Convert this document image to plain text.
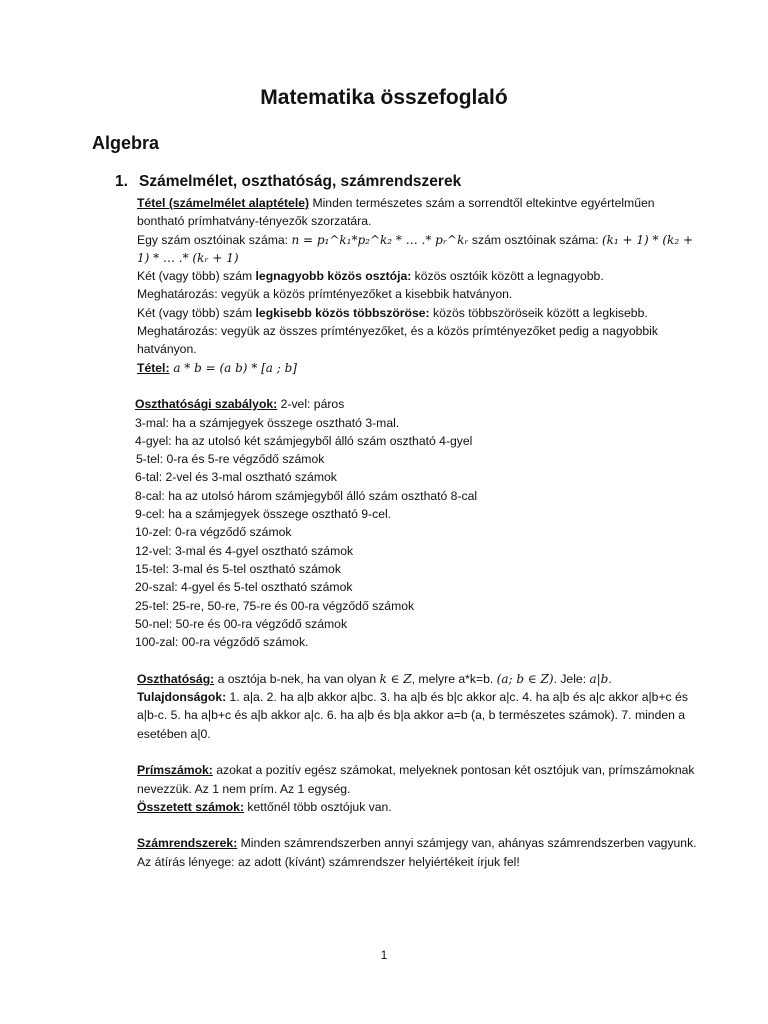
Matematika összefoglaló
Algebra
1. Számelmélet, oszthatóság, számrendszerek

Tétel (számelmélet alaptétele) Minden természetes szám a sorrendtől eltekintve egyértelműen bontható prímhatvány-tényezők szorzatára.

Egy szám osztóinak száma: n = p₁^k₁*p₂^k₂ * … .* pᵣ^kᵣ szám osztóinak száma: (k₁ + 1) * (k₂ + 1) * … .* (kᵣ + 1)

Két (vagy több) szám legnagyobb közös osztója: közös osztóik között a legnagyobb.

Meghatározás: vegyük a közös prímtényezőket a kisebbik hatványon.

Két (vagy több) szám legkisebb közös többszöröse: közös többszöröseik között a legkisebb.

Meghatározás: vegyük az összes prímtényezőket, és a közös prímtényezőket pedig a nagyobbik hatványon.

Tétel: a * b = (a b) * [a ; b]

Oszthatósági szabályok: 2-vel: páros

3-mal: ha a számjegyek összege osztható 3-mal.

4-gyel: ha az utolsó két számjegyből álló szám osztható 4-gyel

5-tel: 0-ra és 5-re végződő számok

6-tal: 2-vel és 3-mal osztható számok

8-cal: ha az utolsó három számjegyből álló szám osztható 8-cal

9-cel: ha a számjegyek összege osztható 9-cel.

10-zel: 0-ra végződő számok

12-vel: 3-mal és 4-gyel osztható számok

15-tel: 3-mal és 5-tel osztható számok

20-szal: 4-gyel és 5-tel osztható számok

25-tel: 25-re, 50-re, 75-re és 00-ra végződő számok

50-nel: 50-re és 00-ra végződő számok

100-zal: 00-ra végződő számok.

Oszthatóság: a osztója b-nek, ha van olyan k ∈ Z, melyre a*k=b. (a; b ∈ Z). Jele: a|b.

Tulajdonságok: 1. a|a. 2. ha a|b akkor a|bc. 3. ha a|b és b|c akkor a|c. 4. ha a|b és a|c akkor a|b+c és a|b-c. 5. ha a|b+c és a|b akkor a|c. 6. ha a|b és b|a akkor a=b (a, b természetes számok). 7. minden a esetében a|0.

Prímszámok: azokat a pozitív egész számokat, melyeknek pontosan két osztójuk van, prímszámoknak nevezzük. Az 1 nem prím. Az 1 egység.

Összetett számok: kettőnél több osztójuk van.

Számrendszerek: Minden számrendszerben annyi számjegy van, ahányas számrendszerben vagyunk. Az átírás lényege: az adott (kívánt) számrendszer helyiértékeit írjuk fel!

1
